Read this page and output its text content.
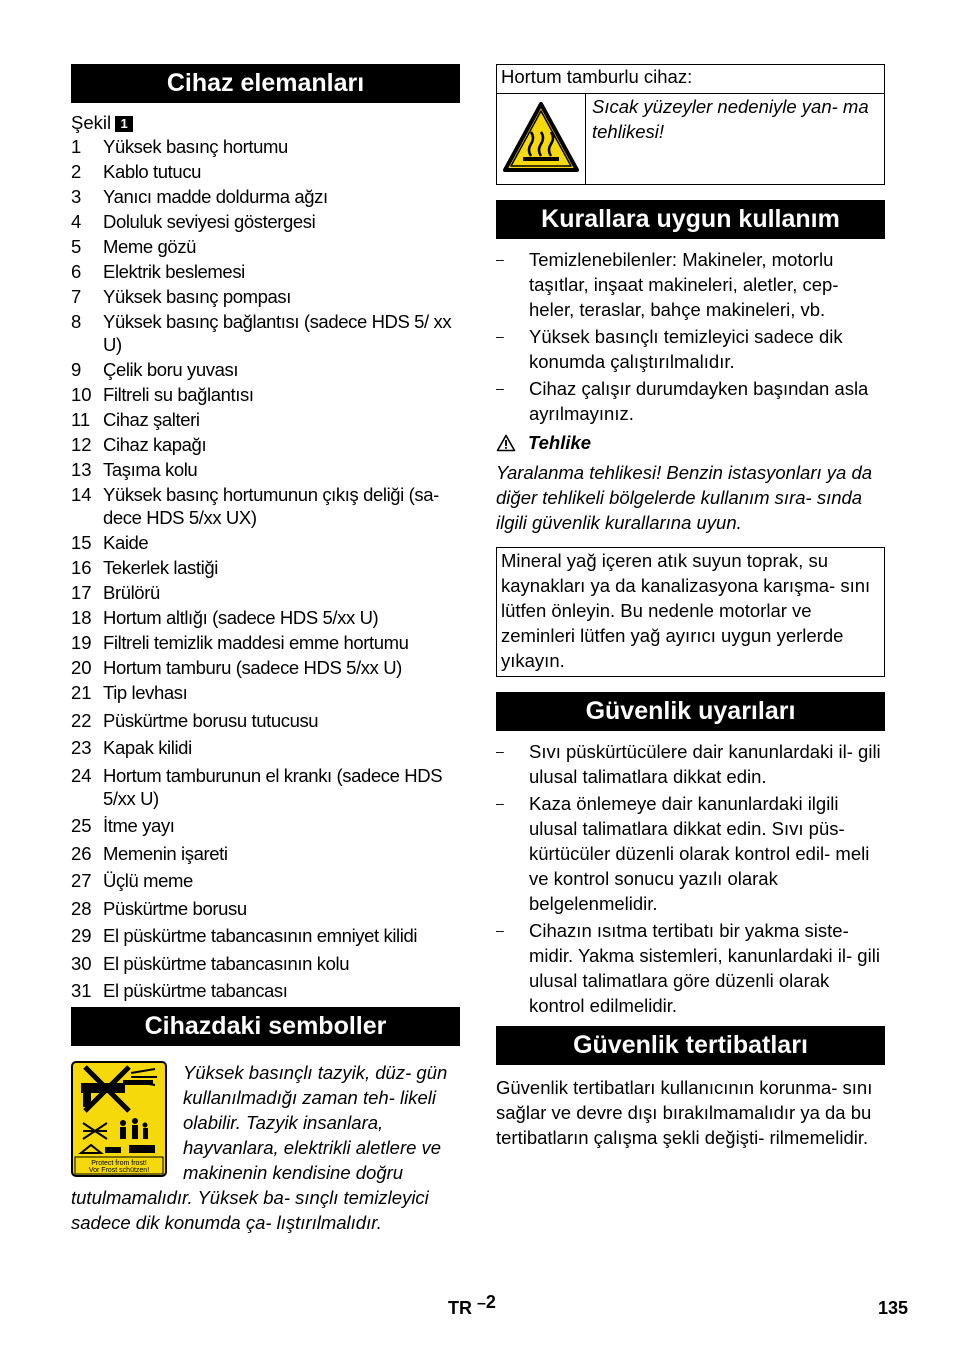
Cihaz elemanları
Şekil 1
1	Yüksek basınç hortumu
2	Kablo tutucu
3	Yanıcı madde doldurma ağzı
4	Doluluk seviyesi göstergesi
5	Meme gözü
6	Elektrik beslemesi
7	Yüksek basınç pompası
8	Yüksek basınç bağlantısı (sadece HDS 5/ xx U)
9	Çelik boru yuvası
10 Filtreli su bağlantısı
11 Cihaz şalteri
12 Cihaz kapağı
13 Taşıma kolu
14 Yüksek basınç hortumunun çıkış deliği (sa- dece HDS 5/xx UX)
15 Kaide
16 Tekerlek lastiği
17 Brülörü
18 Hortum altlığı (sadece HDS 5/xx U)
19 Filtreli temizlik maddesi emme hortumu
20 Hortum tamburu (sadece HDS 5/xx U)
21 Tip levhası
22 Püskürtme borusu tutucusu
23 Kapak kilidi
24 Hortum tamburunun el krankı (sadece HDS 5/xx U)
25 İtme yayı
26 Memenin işareti
27 Üçlü meme
28 Püskürtme borusu
29 El püskürtme tabancasının emniyet kilidi
30 El püskürtme tabancasının kolu
31 El püskürtme tabancası
Cihazdaki semboller
Protect from frost!
Vor Frost schützen!
Yüksek basınçlı tazyik, düz- gün kullanılmadığı zaman teh- likeli olabilir. Tazyik insanlara, hayvanlara, elektrikli aletlere ve makinenin kendisine doğru tutulmamalıdır. Yüksek ba- sınçlı temizleyici sadece dik konumda ça- lıştırılmalıdır.
Hortum tamburlu cihaz:
Sıcak yüzeyler nedeniyle yan- ma tehlikesi!
Kurallara uygun kullanım
–	Temizlenebilenler: Makineler, motorlu taşıtlar, inşaat makineleri, aletler, cep- heler, teraslar, bahçe makineleri, vb.
–	Yüksek basınçlı temizleyici sadece dik konumda çalıştırılmalıdır.
–	Cihaz çalışır durumdayken başından asla ayrılmayınız.
Tehlike
Yaralanma tehlikesi! Benzin istasyonları ya da diğer tehlikeli bölgelerde kullanım sıra- sında ilgili güvenlik kurallarına uyun.
Mineral yağ içeren atık suyun toprak, su kaynakları ya da kanalizasyona karışma- sını lütfen önleyin. Bu nedenle motorlar ve zeminleri lütfen yağ ayırıcı uygun yerlerde yıkayın.
Güvenlik uyarıları
–	Sıvı püskürtücülere dair kanunlardaki il- gili ulusal talimatlara dikkat edin.
–	Kaza önlemeye dair kanunlardaki ilgili ulusal talimatlara dikkat edin. Sıvı püs- kürtücüler düzenli olarak kontrol edil- meli ve kontrol sonucu yazılı olarak belgelenmelidir.
–	Cihazın ısıtma tertibatı bir yakma siste- midir. Yakma sistemleri, kanunlardaki il- gili ulusal talimatlara göre düzenli olarak kontrol edilmelidir.
Güvenlik tertibatları
Güvenlik tertibatları kullanıcının korunma- sını sağlar ve devre dışı bırakılmamalıdır ya da bu tertibatların çalışma şekli değişti- rilmemelidir.
TR –2	135
